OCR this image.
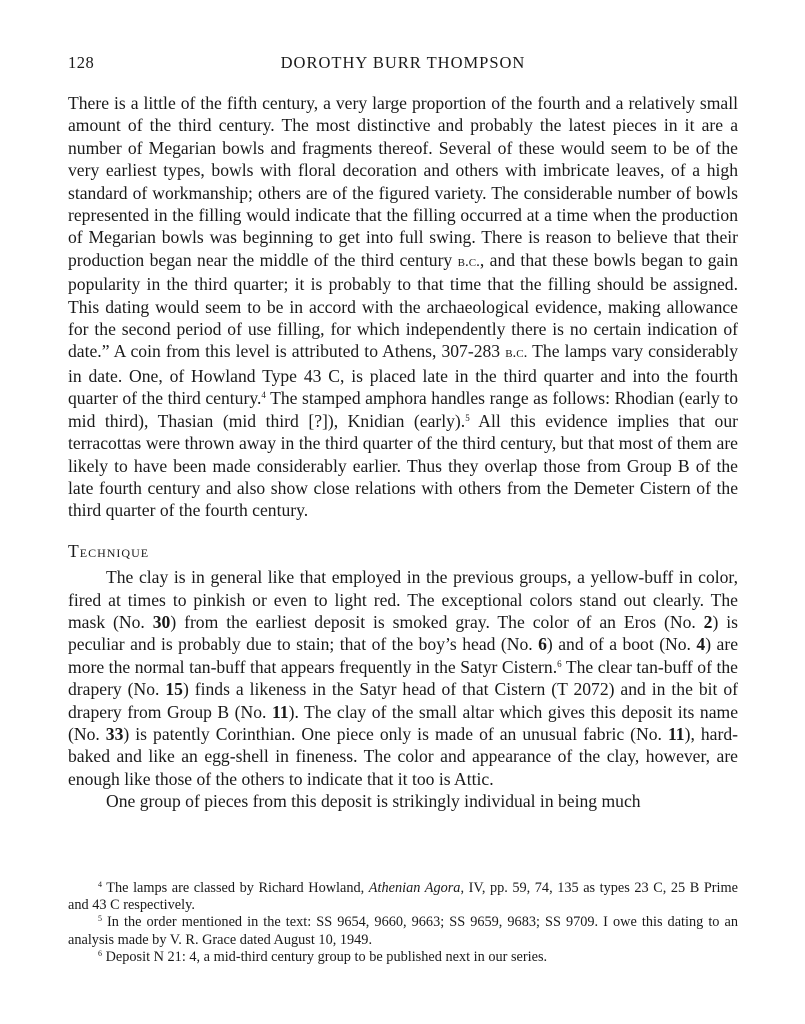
128	DOROTHY BURR THOMPSON

There is a little of the fifth century, a very large proportion of the fourth and a relatively small amount of the third century. The most distinctive and probably the latest pieces in it are a number of Megarian bowls and fragments thereof. Several of these would seem to be of the very earliest types, bowls with floral decoration and others with imbricate leaves, of a high standard of workmanship; others are of the figured variety. The considerable number of bowls represented in the filling would indicate that the filling occurred at a time when the production of Megarian bowls was beginning to get into full swing. There is reason to believe that their production began near the middle of the third century b.c., and that these bowls began to gain popularity in the third quarter; it is probably to that time that the filling should be assigned. This dating would seem to be in accord with the archaeological evidence, making allowance for the second period of use filling, for which independently there is no certain indication of date.” A coin from this level is attributed to Athens, 307-283 b.c. The lamps vary considerably in date. One, of Howland Type 43 C, is placed late in the third quarter and into the fourth quarter of the third century.$^4$ The stamped amphora handles range as follows: Rhodian (early to mid third), Thasian (mid third [?]), Knidian (early).$^5$ All this evidence implies that our terracottas were thrown away in the third quarter of the third century, but that most of them are likely to have been made considerably earlier. Thus they overlap those from Group B of the late fourth century and also show close relations with others from the Demeter Cistern of the third quarter of the fourth century.

Technique

The clay is in general like that employed in the previous groups, a yellow-buff in color, fired at times to pinkish or even to light red. The exceptional colors stand out clearly. The mask (No. 30) from the earliest deposit is smoked gray. The color of an Eros (No. 2) is peculiar and is probably due to stain; that of the boy’s head (No. 6) and of a boot (No. 4) are more the normal tan-buff that appears frequently in the Satyr Cistern.$^6$ The clear tan-buff of the drapery (No. 15) finds a likeness in the Satyr head of that Cistern (T 2072) and in the bit of drapery from Group B (No. 11). The clay of the small altar which gives this deposit its name (No. 33) is patently Corinthian. One piece only is made of an unusual fabric (No. 11), hard-baked and like an egg-shell in fineness. The color and appearance of the clay, however, are enough like those of the others to indicate that it too is Attic.

One group of pieces from this deposit is strikingly individual in being much

$^4$ The lamps are classed by Richard Howland, Athenian Agora, IV, pp. 59, 74, 135 as types 23 C, 25 B Prime and 43 C respectively.

$^5$ In the order mentioned in the text: SS 9654, 9660, 9663; SS 9659, 9683; SS 9709. I owe this dating to an analysis made by V. R. Grace dated August 10, 1949.

$^6$ Deposit N 21: 4, a mid-third century group to be published next in our series.
